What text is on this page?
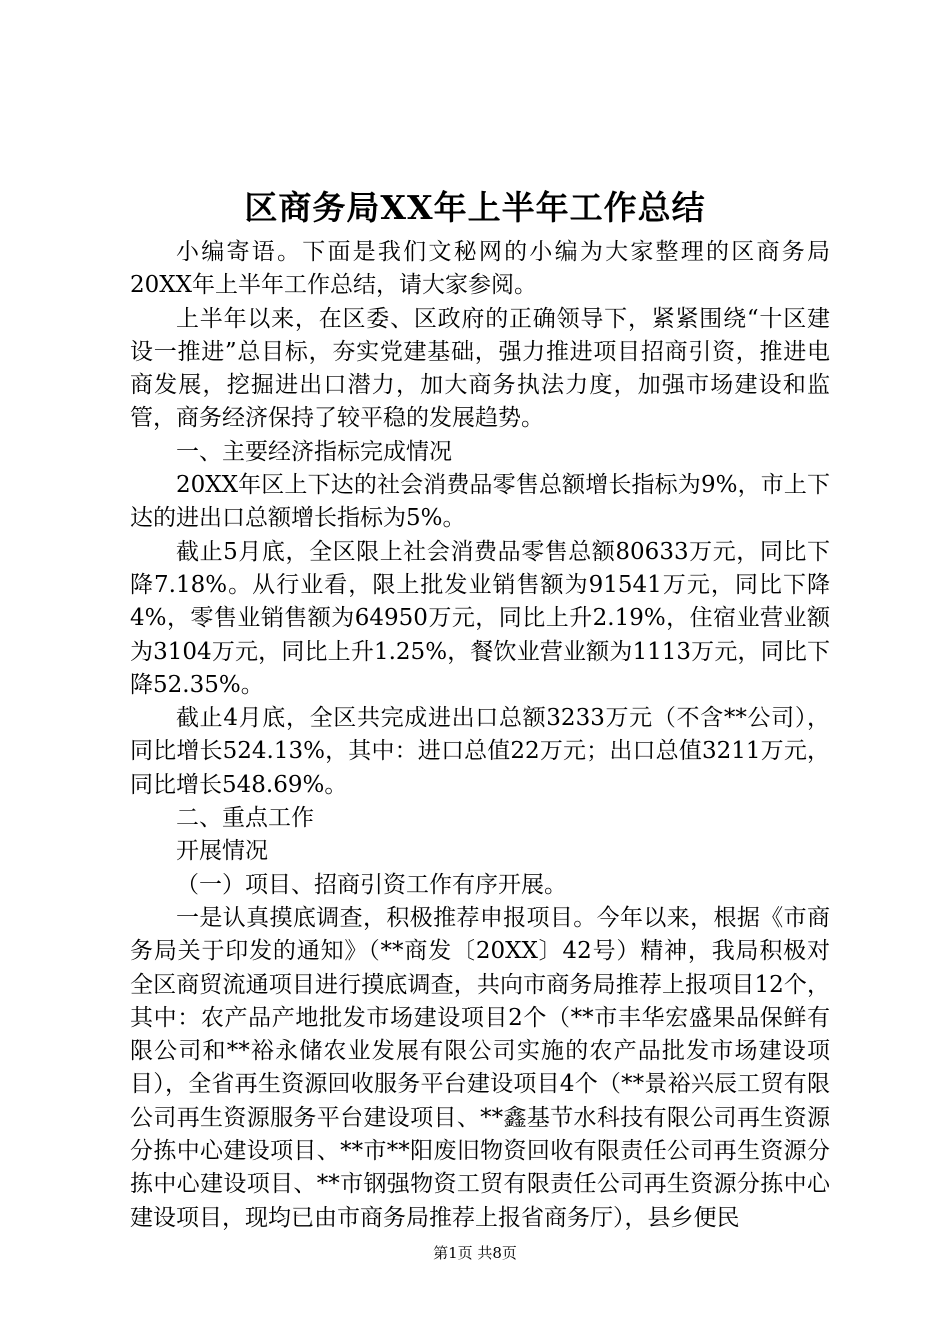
区商务局XX年上半年工作总结

小编寄语。下面是我们文秘网的小编为大家整理的区商务局20XX年上半年工作总结，请大家参阅。

上半年以来，在区委、区政府的正确领导下，紧紧围绕“十区建设一推进”总目标，夯实党建基础，强力推进项目招商引资，推进电商发展，挖掘进出口潜力，加大商务执法力度，加强市场建设和监管，商务经济保持了较平稳的发展趋势。

一、主要经济指标完成情况

20XX年区上下达的社会消费品零售总额增长指标为9%，市上下达的进出口总额增长指标为5%。

截止5月底，全区限上社会消费品零售总额80633万元，同比下降7.18%。从行业看，限上批发业销售额为91541万元，同比下降4%，零售业销售额为64950万元，同比上升2.19%，住宿业营业额为3104万元，同比上升1.25%，餐饮业营业额为1113万元，同比下降52.35%。

截止4月底，全区共完成进出口总额3233万元（不含**公司），同比增长524.13%，其中：进口总值22万元；出口总值3211万元，同比增长548.69%。

二、重点工作

开展情况

（一）项目、招商引资工作有序开展。

一是认真摸底调查，积极推荐申报项目。今年以来，根据《市商务局关于印发的通知》（**商发〔20XX〕42号）精神，我局积极对全区商贸流通项目进行摸底调查，共向市商务局推荐上报项目12个，其中：农产品产地批发市场建设项目2个（**市丰华宏盛果品保鲜有限公司和**裕永储农业发展有限公司实施的农产品批发市场建设项目），全省再生资源回收服务平台建设项目4个（**景裕兴辰工贸有限公司再生资源服务平台建设项目、**鑫基节水科技有限公司再生资源分拣中心建设项目、**市**阳废旧物资回收有限责任公司再生资源分拣中心建设项目、**市钢强物资工贸有限责任公司再生资源分拣中心建设项目，现均已由市商务局推荐上报省商务厅），县乡便民

第1页 共8页
